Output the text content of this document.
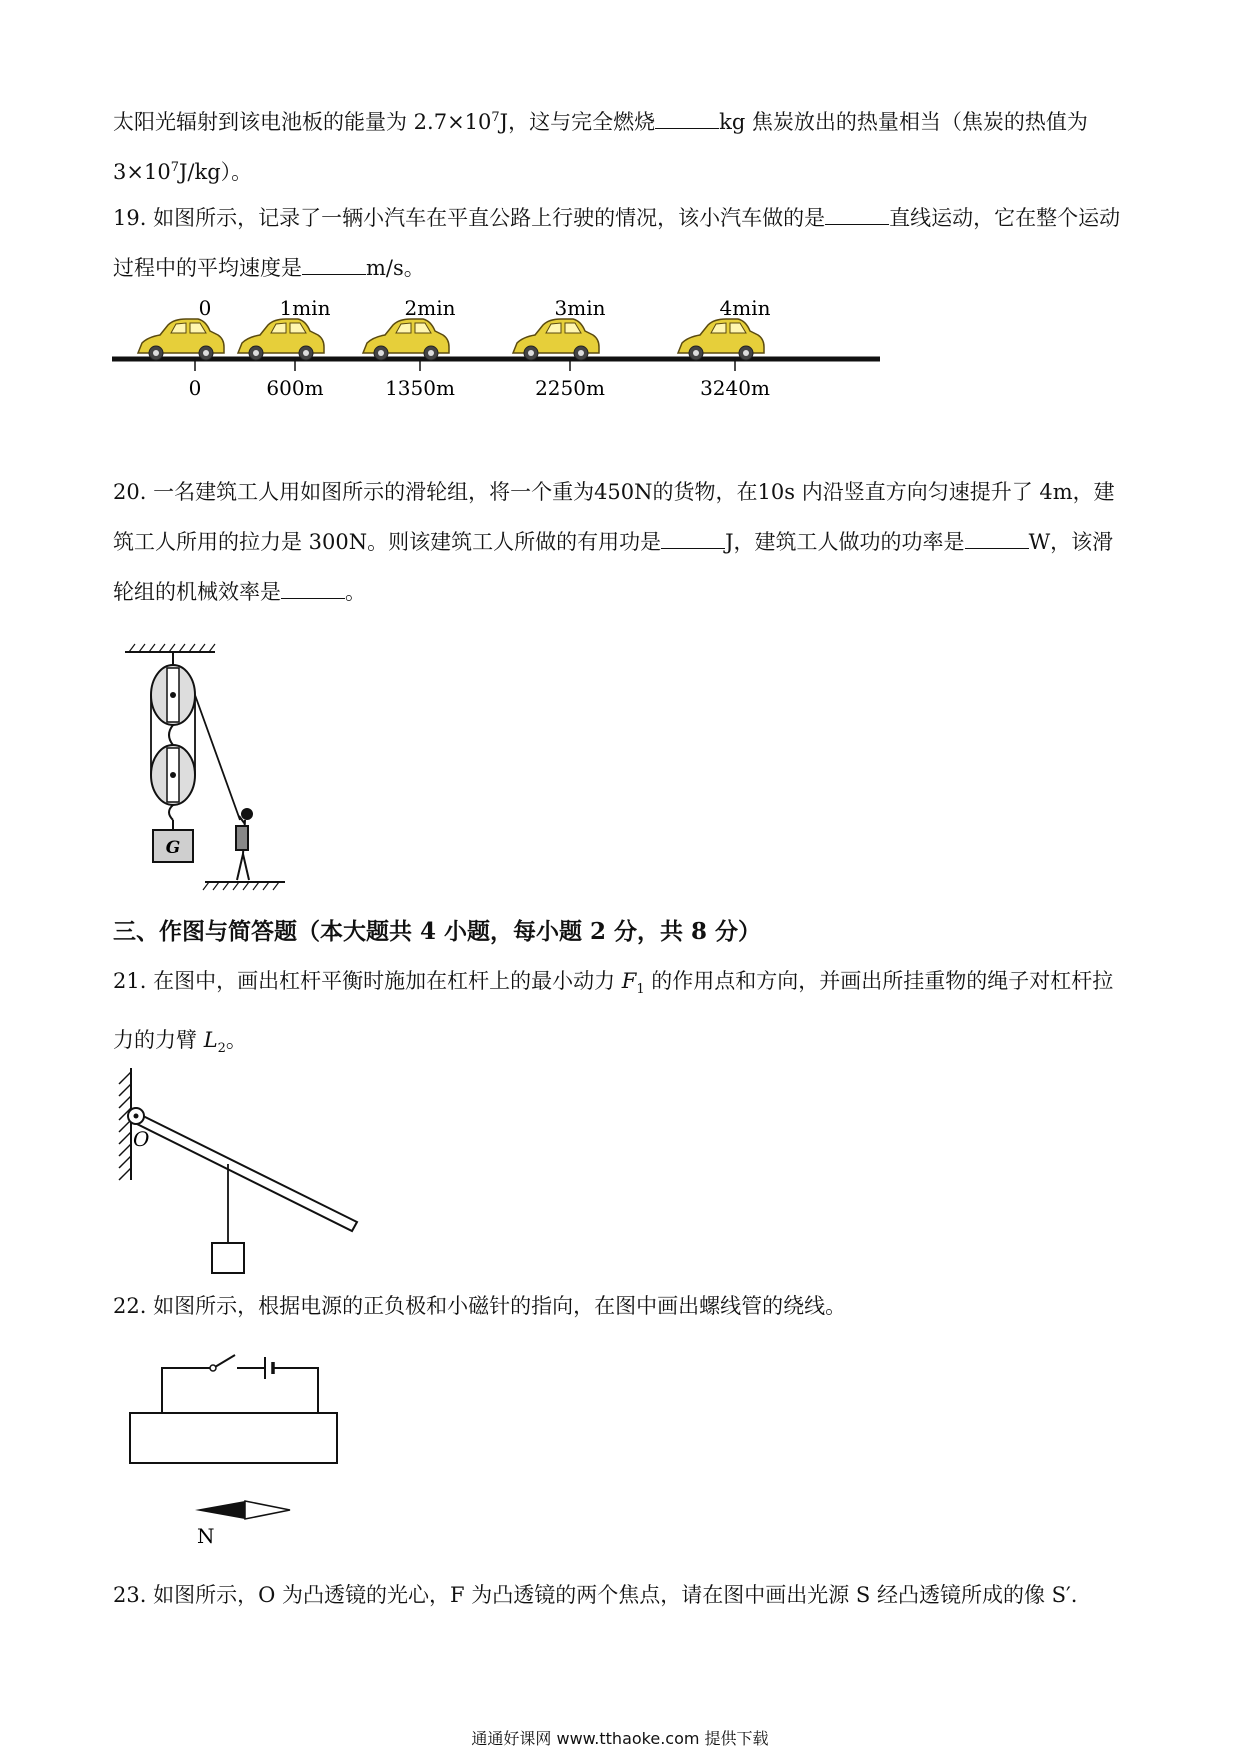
太阳光辐射到该电池板的能量为 $2.7\times 10^7J$，这与完全燃烧	kg 焦炭放出的热量相当（焦炭的热值为

$3\times 10^7J/kg$）。

19. 如图所示，记录了一辆小汽车在平直公路上行驶的情况，该小汽车做的是	直线运动，它在整个运动过程中的平均速度是	m/s。

0
0
1min
600m
2min
1350m
3min
2250m
4min
3240m

20. 一名建筑工人用如图所示的滑轮组，将一个重为450N的货物，在10s 内沿竖直方向匀速提升了 4m，建筑工人所用的拉力是 300N。则该建筑工人所做的有用功是	J，建筑工人做功的功率是	W，该滑轮组的机械效率是	。

G

三、作图与简答题（本大题共 4 小题，每小题 2 分，共 8 分）

21. 在图中，画出杠杆平衡时施加在杠杆上的最小动力 $F_1$ 的作用点和方向，并画出所挂重物的绳子对杠杆拉力的力臂 $L_2$。

O

22. 如图所示，根据电源的正负极和小磁针的指向，在图中画出螺线管的绕线。

N

23. 如图所示，O 为凸透镜的光心，F 为凸透镜的两个焦点，请在图中画出光源 S 经凸透镜所成的像 S′.

通通好课网 www.tthaoke.com 提供下载
